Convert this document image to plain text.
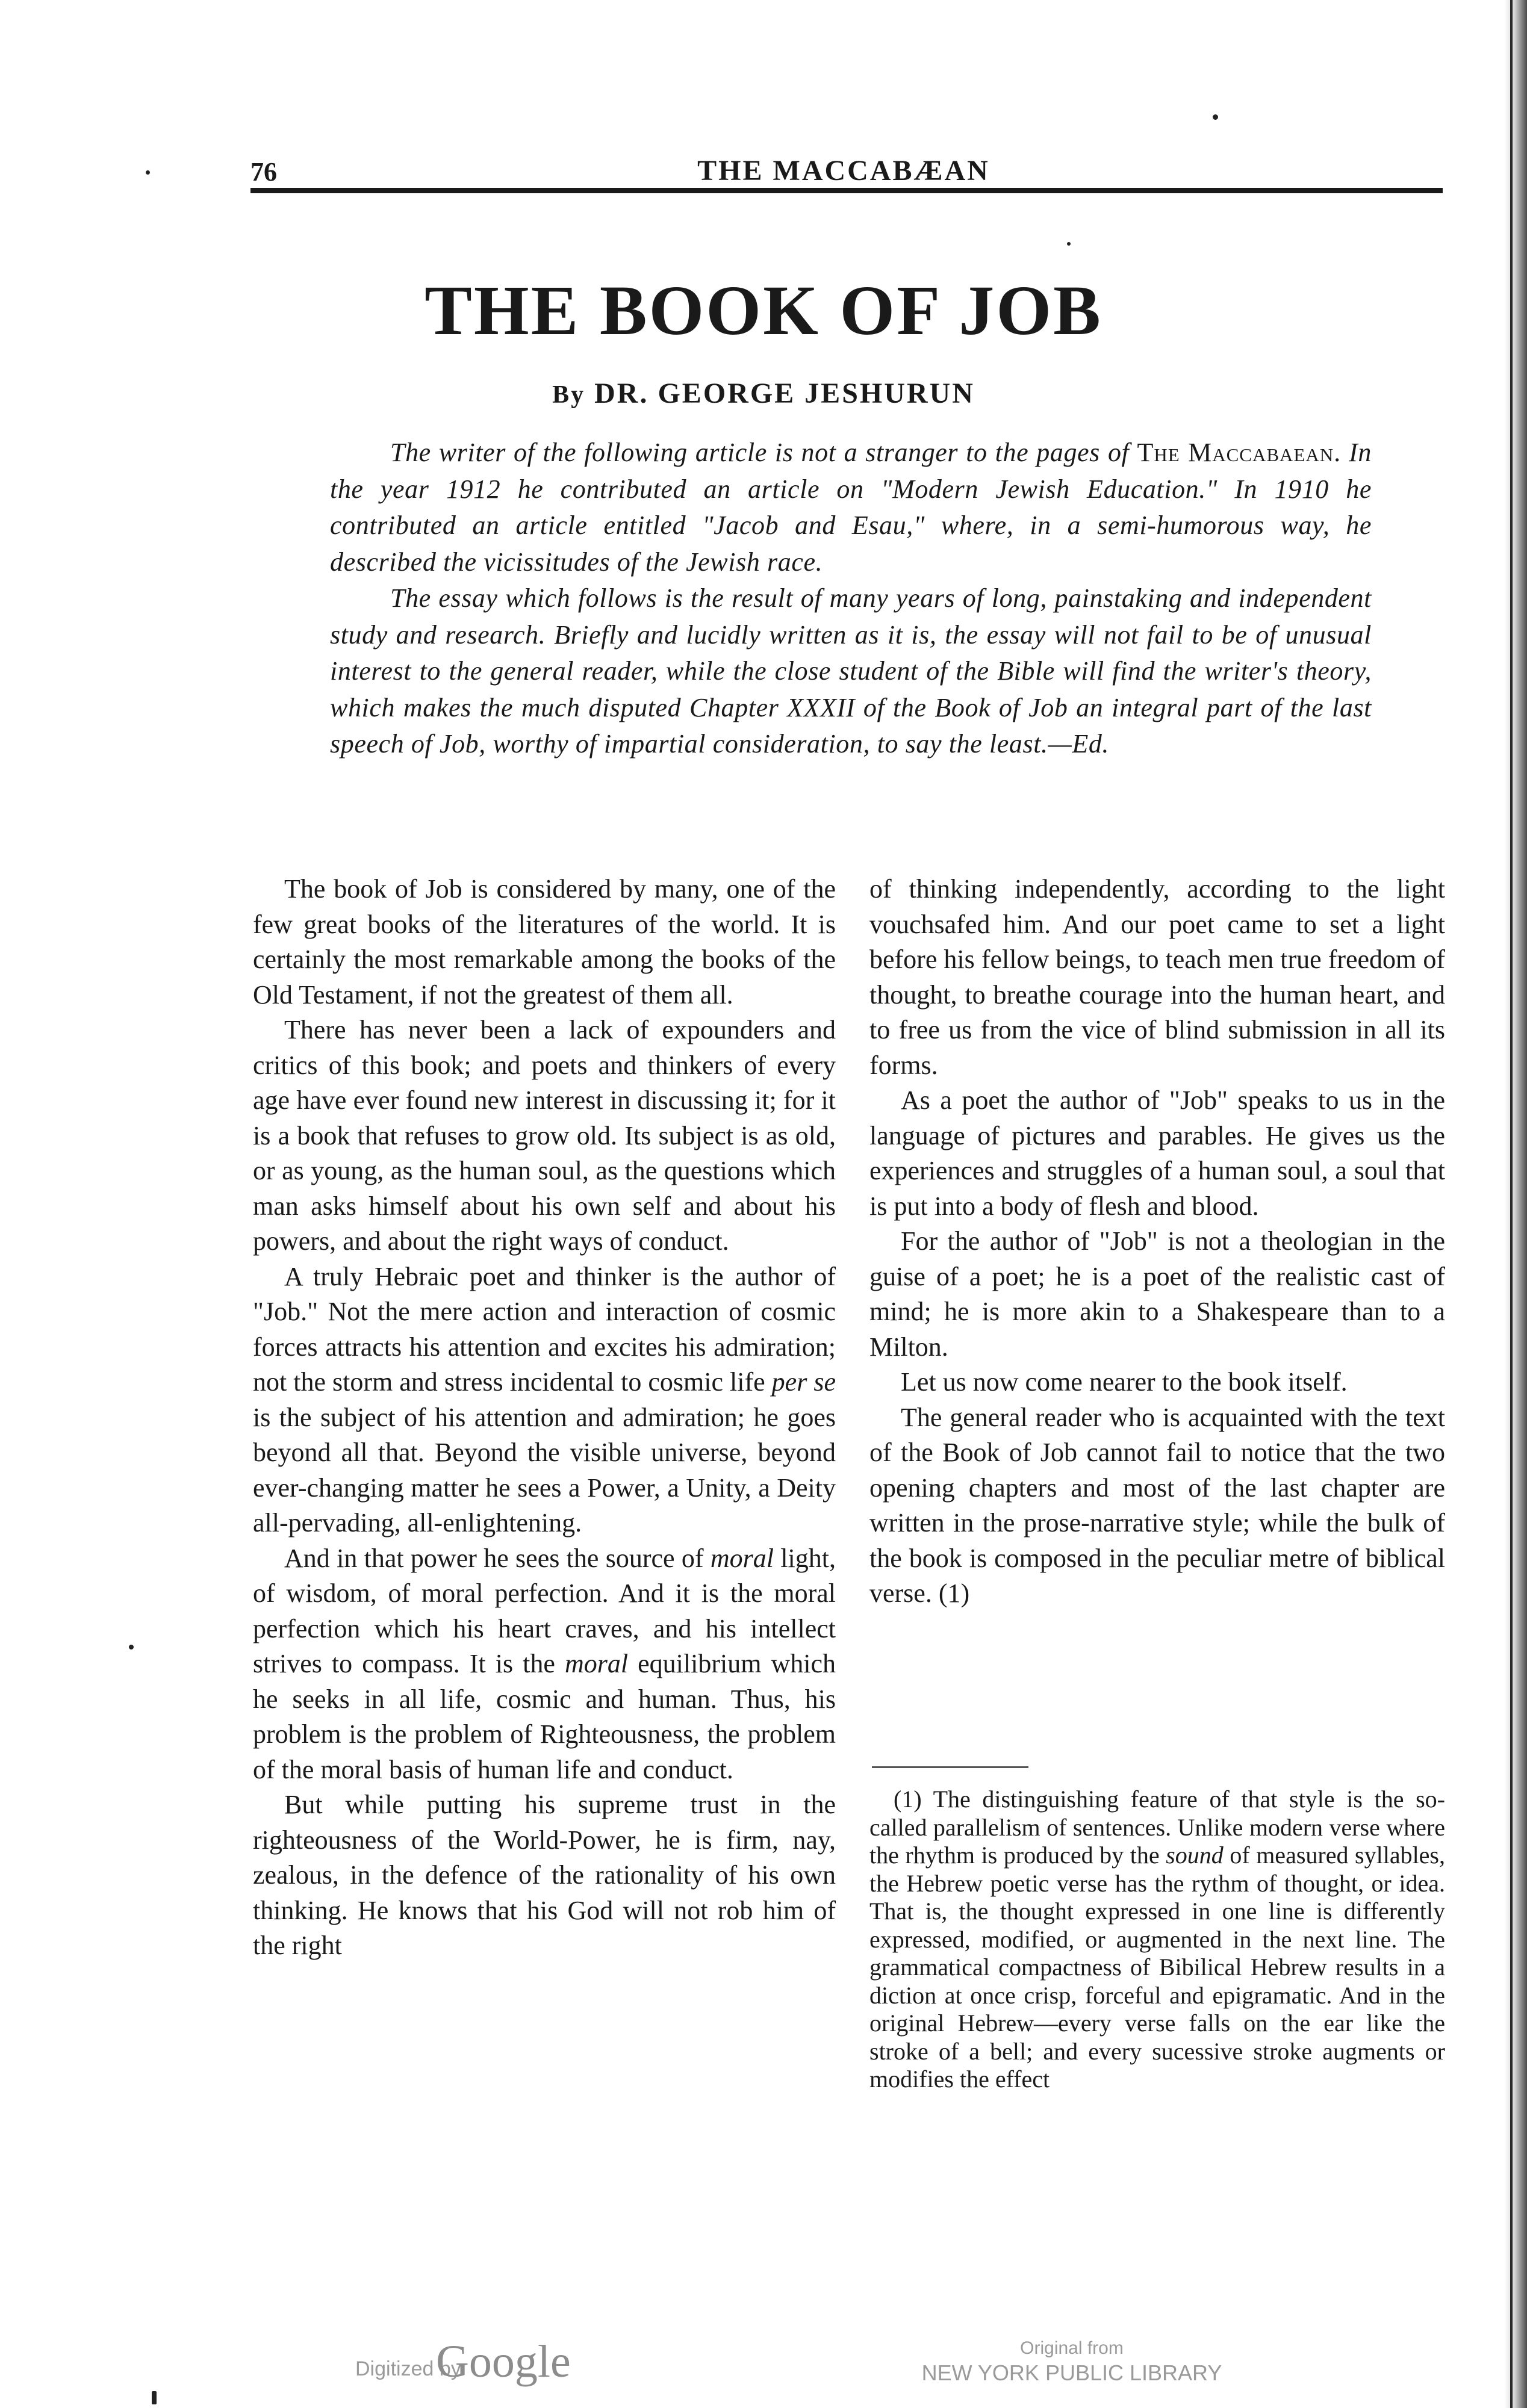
76	THE MACCABÆAN
THE BOOK OF JOB
By DR. GEORGE JESHURUN

The writer of the following article is not a stranger to the pages of The Maccabaean. In the year 1912 he contributed an article on "Modern Jewish Education." In 1910 he contributed an article entitled "Jacob and Esau," where, in a semi-humorous way, he described the vicissitudes of the Jewish race.

The essay which follows is the result of many years of long, painstaking and independent study and research. Briefly and lucidly written as it is, the essay will not fail to be of unusual interest to the general reader, while the close student of the Bible will find the writer's theory, which makes the much disputed Chapter XXXII of the Book of Job an integral part of the last speech of Job, worthy of impartial consideration, to say the least.—Ed.

The book of Job is considered by many, one of the few great books of the literatures of the world. It is certainly the most remarkable among the books of the Old Testament, if not the greatest of them all.

There has never been a lack of expounders and critics of this book; and poets and thinkers of every age have ever found new interest in discussing it; for it is a book that refuses to grow old. Its subject is as old, or as young, as the human soul, as the questions which man asks himself about his own self and about his powers, and about the right ways of conduct.

A truly Hebraic poet and thinker is the author of "Job." Not the mere action and interaction of cosmic forces attracts his attention and excites his admiration; not the storm and stress incidental to cosmic life per se is the subject of his attention and admiration; he goes beyond all that. Beyond the visible universe, beyond ever-changing matter he sees a Power, a Unity, a Deity all-pervading, all-enlightening.

And in that power he sees the source of moral light, of wisdom, of moral perfection. And it is the moral perfection which his heart craves, and his intellect strives to compass. It is the moral equilibrium which he seeks in all life, cosmic and human. Thus, his problem is the problem of Righteousness, the problem of the moral basis of human life and conduct.

But while putting his supreme trust in the righteousness of the World-Power, he is firm, nay, zealous, in the defence of the rationality of his own thinking. He knows that his God will not rob him of the right

of thinking independently, according to the light vouchsafed him. And our poet came to set a light before his fellow beings, to teach men true freedom of thought, to breathe courage into the human heart, and to free us from the vice of blind submission in all its forms.

As a poet the author of "Job" speaks to us in the language of pictures and parables. He gives us the experiences and struggles of a human soul, a soul that is put into a body of flesh and blood.

For the author of "Job" is not a theologian in the guise of a poet; he is a poet of the realistic cast of mind; he is more akin to a Shakespeare than to a Milton.

Let us now come nearer to the book itself.

The general reader who is acquainted with the text of the Book of Job cannot fail to notice that the two opening chapters and most of the last chapter are written in the prose-narrative style; while the bulk of the book is composed in the peculiar metre of biblical verse. (1)

(1) The distinguishing feature of that style is the so-called parallelism of sentences. Unlike modern verse where the rhythm is produced by the sound of measured syllables, the Hebrew poetic verse has the rythm of thought, or idea. That is, the thought expressed in one line is differently expressed, modified, or augmented in the next line. The grammatical compactness of Bibilical Hebrew results in a diction at once crisp, forceful and epigramatic. And in the original Hebrew—every verse falls on the ear like the stroke of a bell; and every sucessive stroke augments or modifies the effect

Digitized by
Google	Original from
NEW YORK PUBLIC LIBRARY
